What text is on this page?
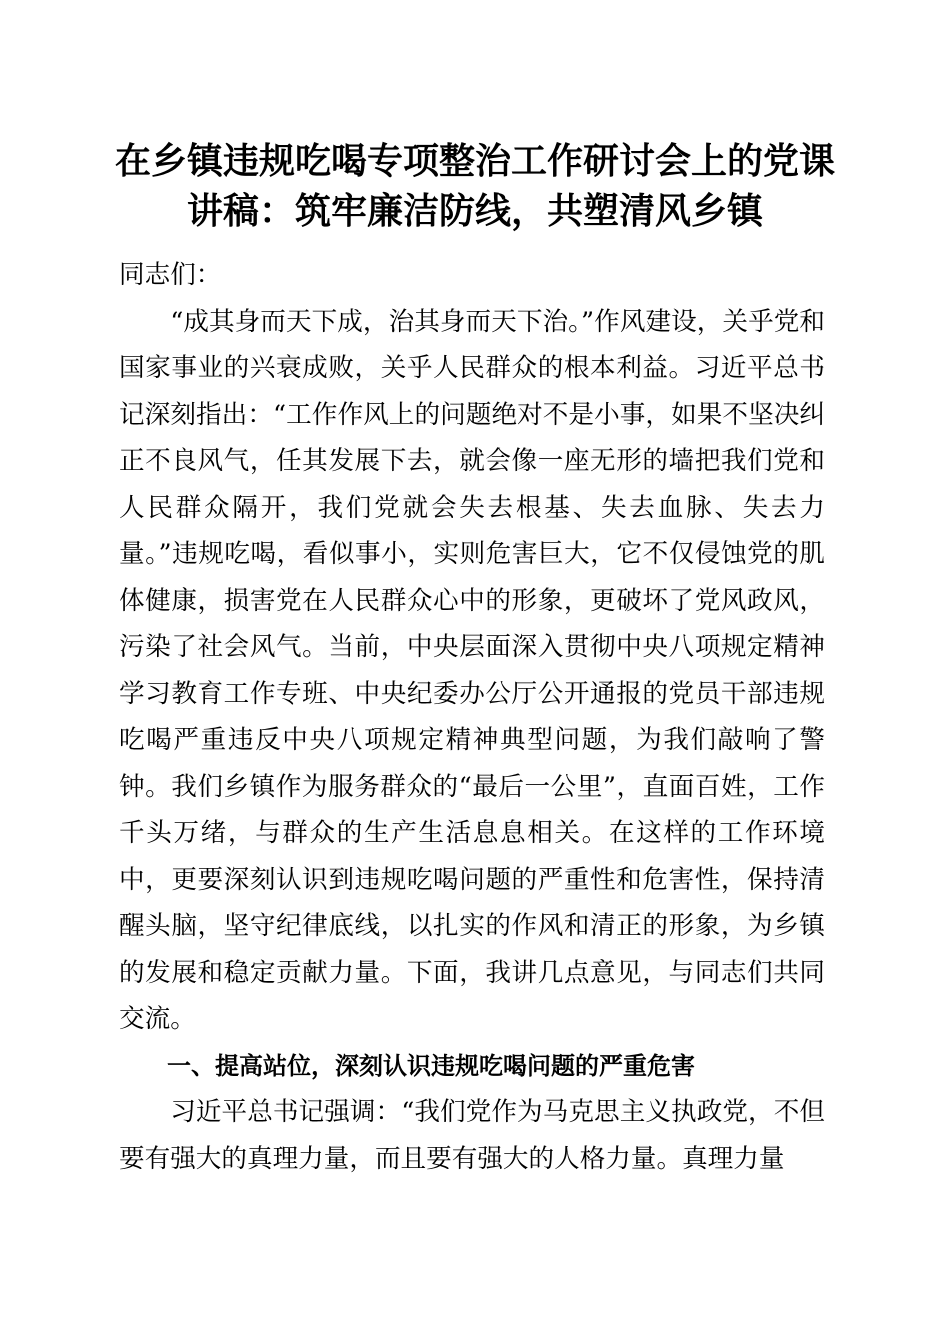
在乡镇违规吃喝专项整治工作研讨会上的党课
讲稿：筑牢廉洁防线，共塑清风乡镇

同志们：

“成其身而天下成，治其身而天下治。”作风建设，关乎党和国家事业的兴衰成败，关乎人民群众的根本利益。习近平总书记深刻指出：“工作作风上的问题绝对不是小事，如果不坚决纠正不良风气，任其发展下去，就会像一座无形的墙把我们党和人民群众隔开，我们党就会失去根基、失去血脉、失去力量。”违规吃喝，看似事小，实则危害巨大，它不仅侵蚀党的肌体健康，损害党在人民群众心中的形象，更破坏了党风政风，污染了社会风气。当前，中央层面深入贯彻中央八项规定精神学习教育工作专班、中央纪委办公厅公开通报的党员干部违规吃喝严重违反中央八项规定精神典型问题，为我们敲响了警钟。我们乡镇作为服务群众的“最后一公里”，直面百姓，工作千头万绪，与群众的生产生活息息相关。在这样的工作环境中，更要深刻认识到违规吃喝问题的严重性和危害性，保持清醒头脑，坚守纪律底线，以扎实的作风和清正的形象，为乡镇的发展和稳定贡献力量。下面，我讲几点意见，与同志们共同交流。

一、提高站位，深刻认识违规吃喝问题的严重危害

习近平总书记强调：“我们党作为马克思主义执政党，不但要有强大的真理力量，而且要有强大的人格力量。真理力量
